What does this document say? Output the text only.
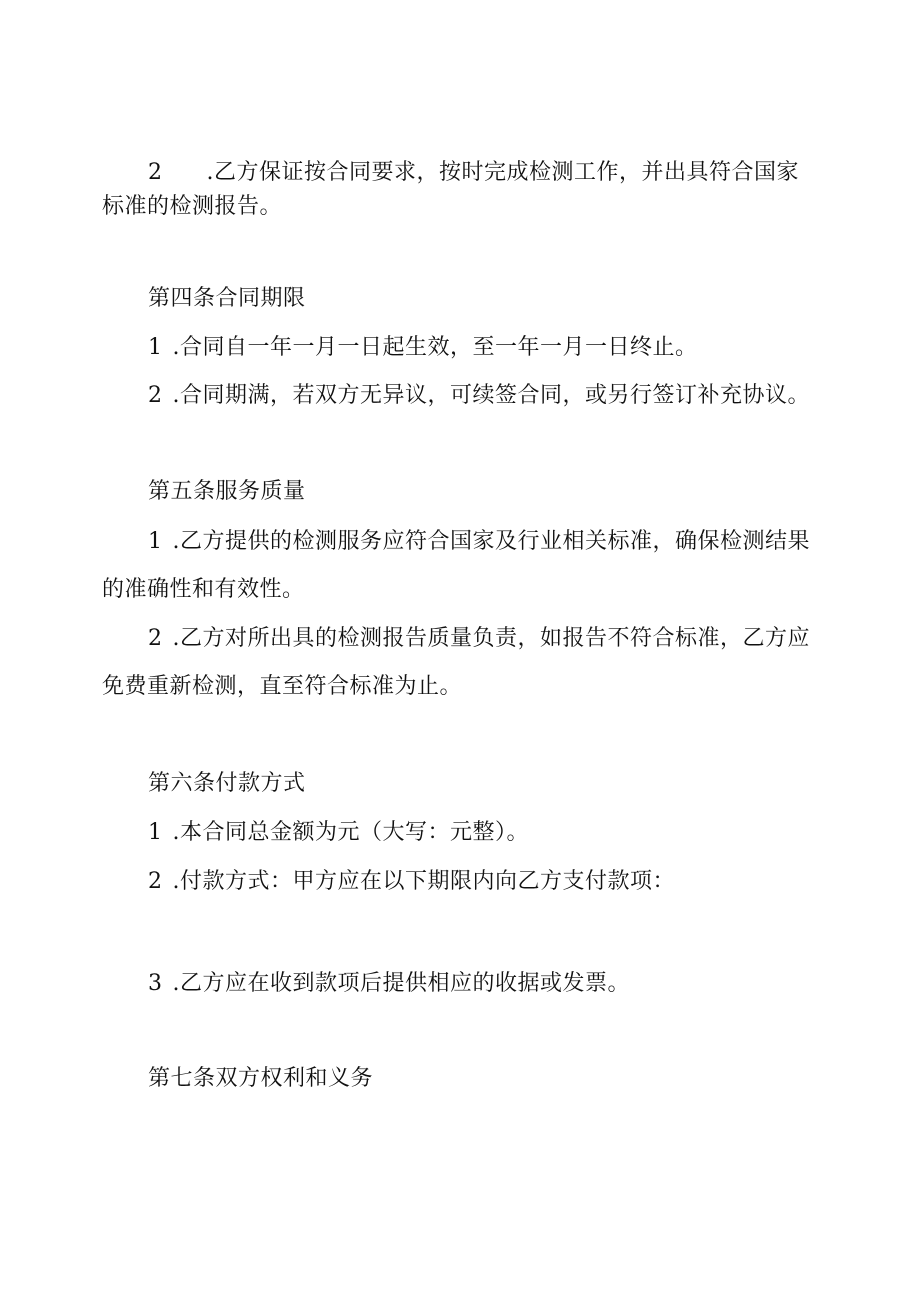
2 .乙方保证按合同要求，按时完成检测工作，并出具符合国家
标准的检测报告。
第四条合同期限
1 .合同自一年一月一日起生效，至一年一月一日终止。
2 .合同期满，若双方无异议，可续签合同，或另行签订补充协议。
第五条服务质量
1 .乙方提供的检测服务应符合国家及行业相关标准，确保检测结果
的准确性和有效性。
2 .乙方对所出具的检测报告质量负责，如报告不符合标准，乙方应
免费重新检测，直至符合标准为止。
第六条付款方式
1 .本合同总金额为元（大写：元整）。
2 .付款方式：甲方应在以下期限内向乙方支付款项：
3 .乙方应在收到款项后提供相应的收据或发票。
第七条双方权利和义务
